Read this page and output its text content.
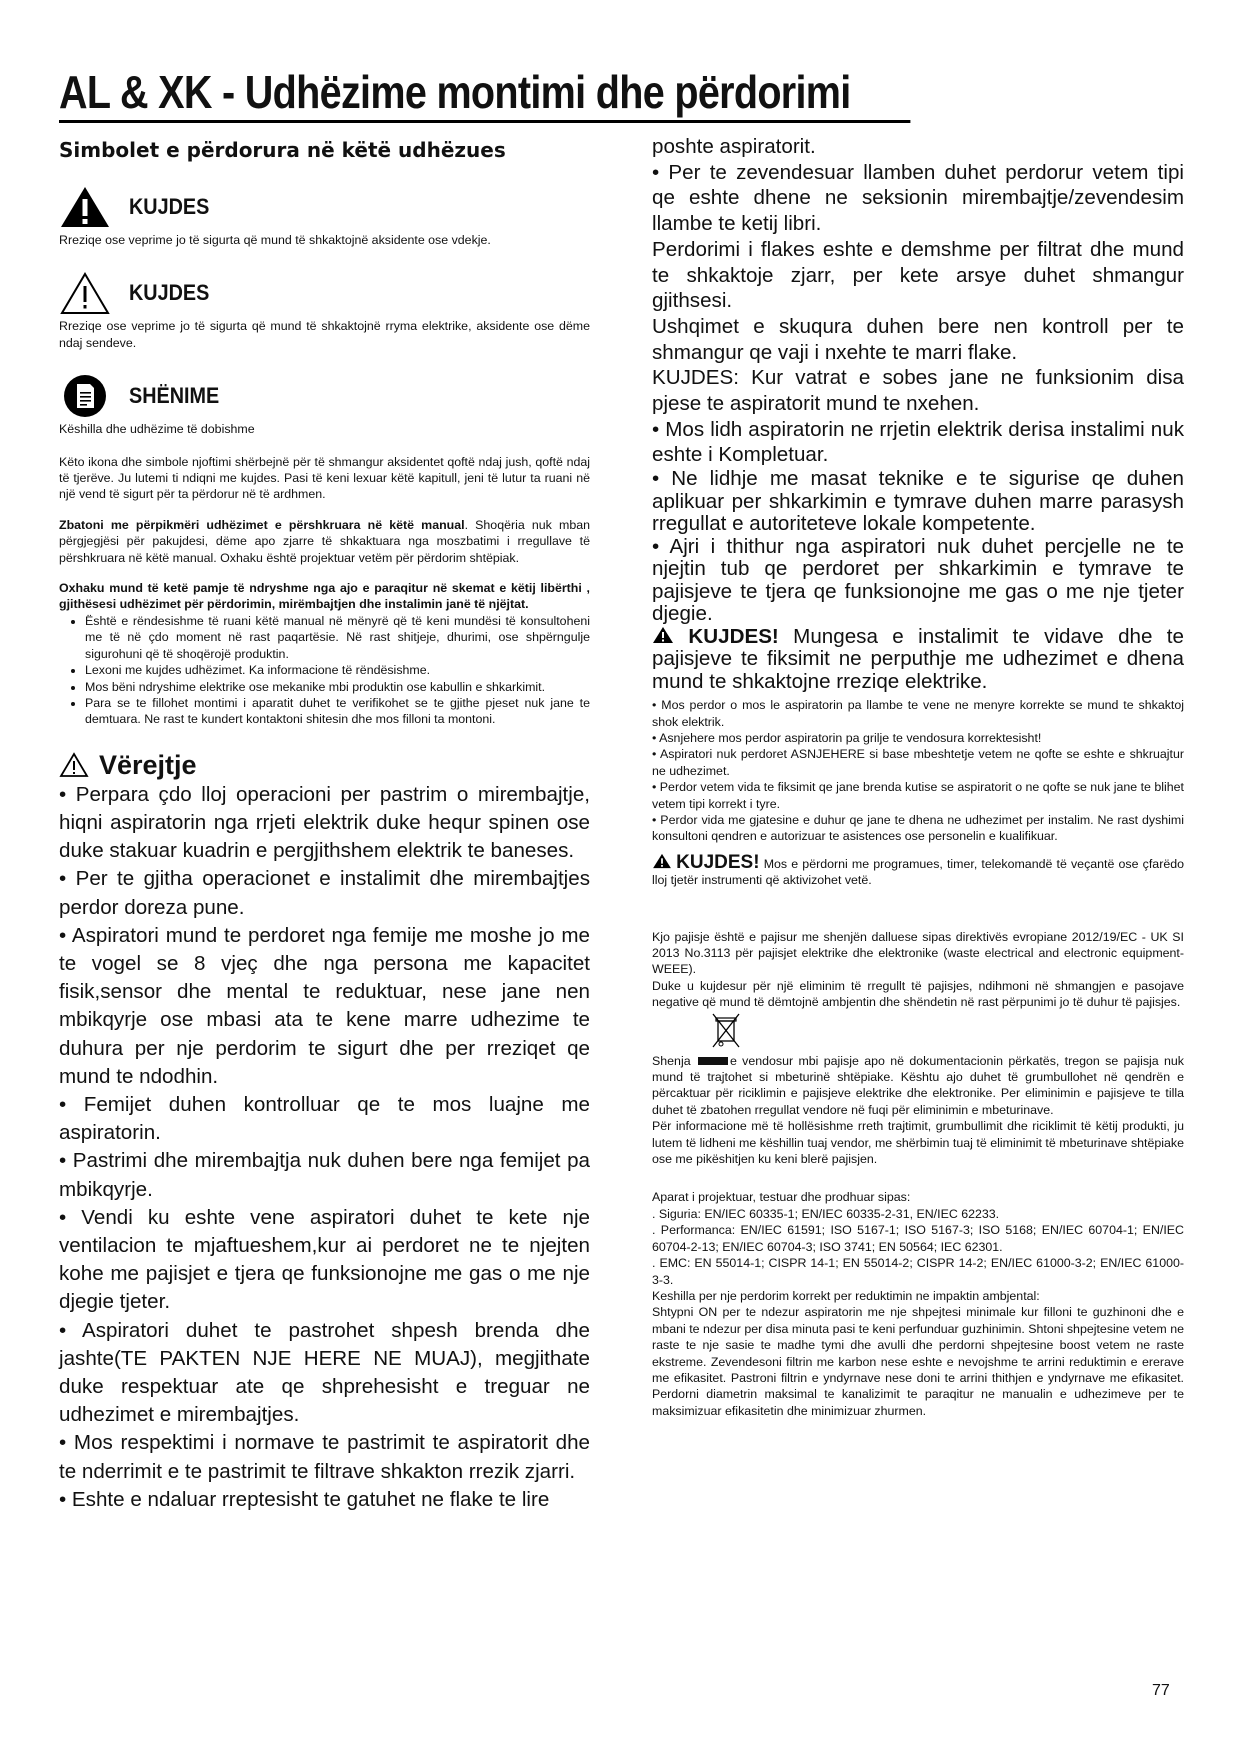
AL & XK - Udhëzime montimi dhe përdorimi
Simbolet e përdorura në këtë udhëzues
KUJDES

Rreziqe ose veprime jo të sigurta që mund të shkaktojnë aksidente ose vdekje.

KUJDES

Rreziqe ose veprime jo të sigurta që mund të shkaktojnë rryma elektrike, aksidente ose dëme ndaj sendeve.

SHËNIME

Këshilla dhe udhëzime të dobishme

Këto ikona dhe simbole njoftimi shërbejnë për të shmangur aksidentet qoftë ndaj jush, qoftë ndaj të tjerëve. Ju lutemi ti ndiqni me kujdes. Pasi të keni lexuar këtë kapitull, jeni të lutur ta ruani në një vend të sigurt për ta përdorur në të ardhmen.

Zbatoni me përpikmëri udhëzimet e përshkruara në këtë manual. Shoqëria nuk mban përgjegjësi për pakujdesi, dëme apo zjarre të shkaktuara nga moszbatimi i rregullave të përshkruara në këtë manual. Oxhaku është projektuar vetëm për përdorim shtëpiak.

Oxhaku mund të ketë pamje të ndryshme nga ajo e paraqitur në skemat e këtij libërthi , gjithësesi udhëzimet për përdorimin, mirëmbajtjen dhe instalimin janë të njëjtat.

• Është e rëndesishme të ruani këtë manual në mënyrë që të keni mundësi të konsultoheni me të në çdo moment në rast paqartësie. Në rast shitjeje, dhurimi, ose shpërngulje sigurohuni që të shoqërojë produktin.
• Lexoni me kujdes udhëzimet. Ka informacione të rëndësishme.
• Mos bëni ndryshime elektrike ose mekanike mbi produktin ose kabullin e shkarkimit.
• Para se te fillohet montimi i aparatit duhet te verifikohet se te gjithe pjeset nuk jane te demtuara. Ne rast te kundert kontaktoni shitesin dhe mos filloni ta montoni.
Vërejtje

• Perpara çdo lloj operacioni per pastrim o mirembajtje, hiqni aspiratorin nga rrjeti elektrik duke hequr spinen ose duke stakuar kuadrin e pergjithshem elektrik te baneses.

• Per te gjitha operacionet e instalimit dhe mirembajtjes perdor doreza pune.

• Aspiratori mund te perdoret nga femije me moshe jo me te vogel se 8 vjeç dhe nga persona me kapacitet fisik,sensor dhe mental te reduktuar, nese jane nen mbikqyrje ose mbasi ata te kene marre udhezime te duhura per nje perdorim te sigurt dhe per rreziqet qe mund te ndodhin.

• Femijet duhen kontrolluar qe te mos luajne me aspiratorin.

• Pastrimi dhe mirembajtja nuk duhen bere nga femijet pa mbikqyrje.

• Vendi ku eshte vene aspiratori duhet te kete nje ventilacion te mjaftueshem,kur ai perdoret ne te njejten kohe me pajisjet e tjera qe funksionojne me gas o me nje djegie tjeter.

• Aspiratori duhet te pastrohet shpesh brenda dhe jashte(TE PAKTEN NJE HERE NE MUAJ), megjithate duke respektuar ate qe shprehesisht e treguar ne udhezimet e mirembajtjes.

• Mos respektimi i normave te pastrimit te aspiratorit dhe te nderrimit e te pastrimit te filtrave shkakton rrezik zjarri.

• Eshte e ndaluar rreptesisht te gatuhet ne flake te lire

poshte aspiratorit.

• Per te zevendesuar llamben duhet perdorur vetem tipi qe eshte dhene ne seksionin mirembajtje/zevendesim llambe te ketij libri.

Perdorimi i flakes eshte e demshme per filtrat dhe mund te shkaktoje zjarr, per kete arsye duhet shmangur gjithsesi.

Ushqimet e skuqura duhen bere nen kontroll per te shmangur qe vaji i nxehte te marri flake.

KUJDES: Kur vatrat e sobes jane ne funksionim disa pjese te aspiratorit mund te nxehen.

• Mos lidh aspiratorin ne rrjetin elektrik derisa instalimi nuk eshte i Kompletuar.

• Ne lidhje me masat teknike e te sigurise qe duhen aplikuar per shkarkimin e tymrave duhen marre parasysh rregullat e autoriteteve lokale kompetente.

• Ajri i thithur nga aspiratori nuk duhet percjelle ne te njejtin tub qe perdoret per shkarkimin e tymrave te pajisjeve te tjera qe funksionojne me gas o me nje tjeter djegie.

KUJDES! Mungesa e instalimit te vidave dhe te pajisjeve te fiksimit ne perputhje me udhezimet e dhena mund te shkaktojne rreziqe elektrike.

• Mos perdor o mos le aspiratorin pa llambe te vene ne menyre korrekte se mund te shkaktoj shok elektrik.

• Asnjehere mos perdor aspiratorin pa grilje te vendosura korrektesisht!

• Aspiratori nuk perdoret ASNJEHERE si base mbeshtetje vetem ne qofte se eshte e shkruajtur ne udhezimet.

• Perdor vetem vida te fiksimit qe jane brenda kutise se aspiratorit o ne qofte se nuk jane te blihet vetem tipi korrekt i tyre.

• Perdor vida me gjatesine e duhur qe jane te dhena ne udhezimet per instalim. Ne rast dyshimi konsultoni qendren e autorizuar te asistences ose personelin e kualifikuar.

KUJDES! Mos e përdorni me programues, timer, telekomandë të veçantë ose çfarëdo lloj tjetër instrumenti që aktivizohet vetë.

Kjo pajisje është e pajisur me shenjën dalluese sipas direktivës evropiane 2012/19/EC - UK SI 2013 No.3113 për pajisjet elektrike dhe elektronike (waste electrical and electronic equipment- WEEE).

Duke u kujdesur për një eliminim të rregullt të pajisjes, ndihmoni në shmangjen e pasojave negative që mund të dëmtojnë ambjentin dhe shëndetin në rast përpunimi jo të duhur të pajisjes.

Shenja	e vendosur mbi pajisje apo në dokumentacionin përkatës, tregon se pajisja nuk mund të trajtohet si mbeturinë shtëpiake. Kështu ajo duhet të grumbullohet në qendrën e përcaktuar për riciklimin e pajisjeve elektrike dhe elektronike. Per eliminimin e pajisjeve te tilla duhet të zbatohen rregullat vendore në fuqi për eliminimin e mbeturinave.

Për informacione më të hollësishme rreth trajtimit, grumbullimit dhe riciklimit të këtij produkti, ju lutem të lidheni me këshillin tuaj vendor, me shërbimin tuaj të eliminimit të mbeturinave shtëpiake ose me pikëshitjen ku keni blerë pajisjen.

Aparat i projektuar, testuar dhe prodhuar sipas:

. Siguria: EN/IEC 60335-1; EN/IEC 60335-2-31, EN/IEC 62233.

. Performanca: EN/IEC 61591; ISO 5167-1; ISO 5167-3; ISO 5168; EN/IEC 60704-1; EN/IEC 60704-2-13; EN/IEC 60704-3; ISO 3741; EN 50564; IEC 62301.

. EMC: EN 55014-1; CISPR 14-1; EN 55014-2; CISPR 14-2; EN/IEC 61000-3-2; EN/IEC 61000-3-3.

Keshilla per nje perdorim korrekt per reduktimin ne impaktin ambjental:

Shtypni ON per te ndezur aspiratorin me nje shpejtesi minimale kur filloni te guzhinoni dhe e mbani te ndezur per disa minuta pasi te keni perfunduar guzhinimin. Shtoni shpejtesine vetem ne raste te nje sasie te madhe tymi dhe avulli dhe perdorni shpejtesine boost vetem ne raste ekstreme. Zevendesoni filtrin me karbon nese eshte e nevojshme te arrini reduktimin e ererave me efikasitet. Pastroni filtrin e yndyrnave nese doni te arrini thithjen e yndyrnave me efikasitet. Perdorni diametrin maksimal te kanalizimit te paraqitur ne manualin e udhezimeve per te maksimizuar efikasitetin dhe minimizuar zhurmen.

77
